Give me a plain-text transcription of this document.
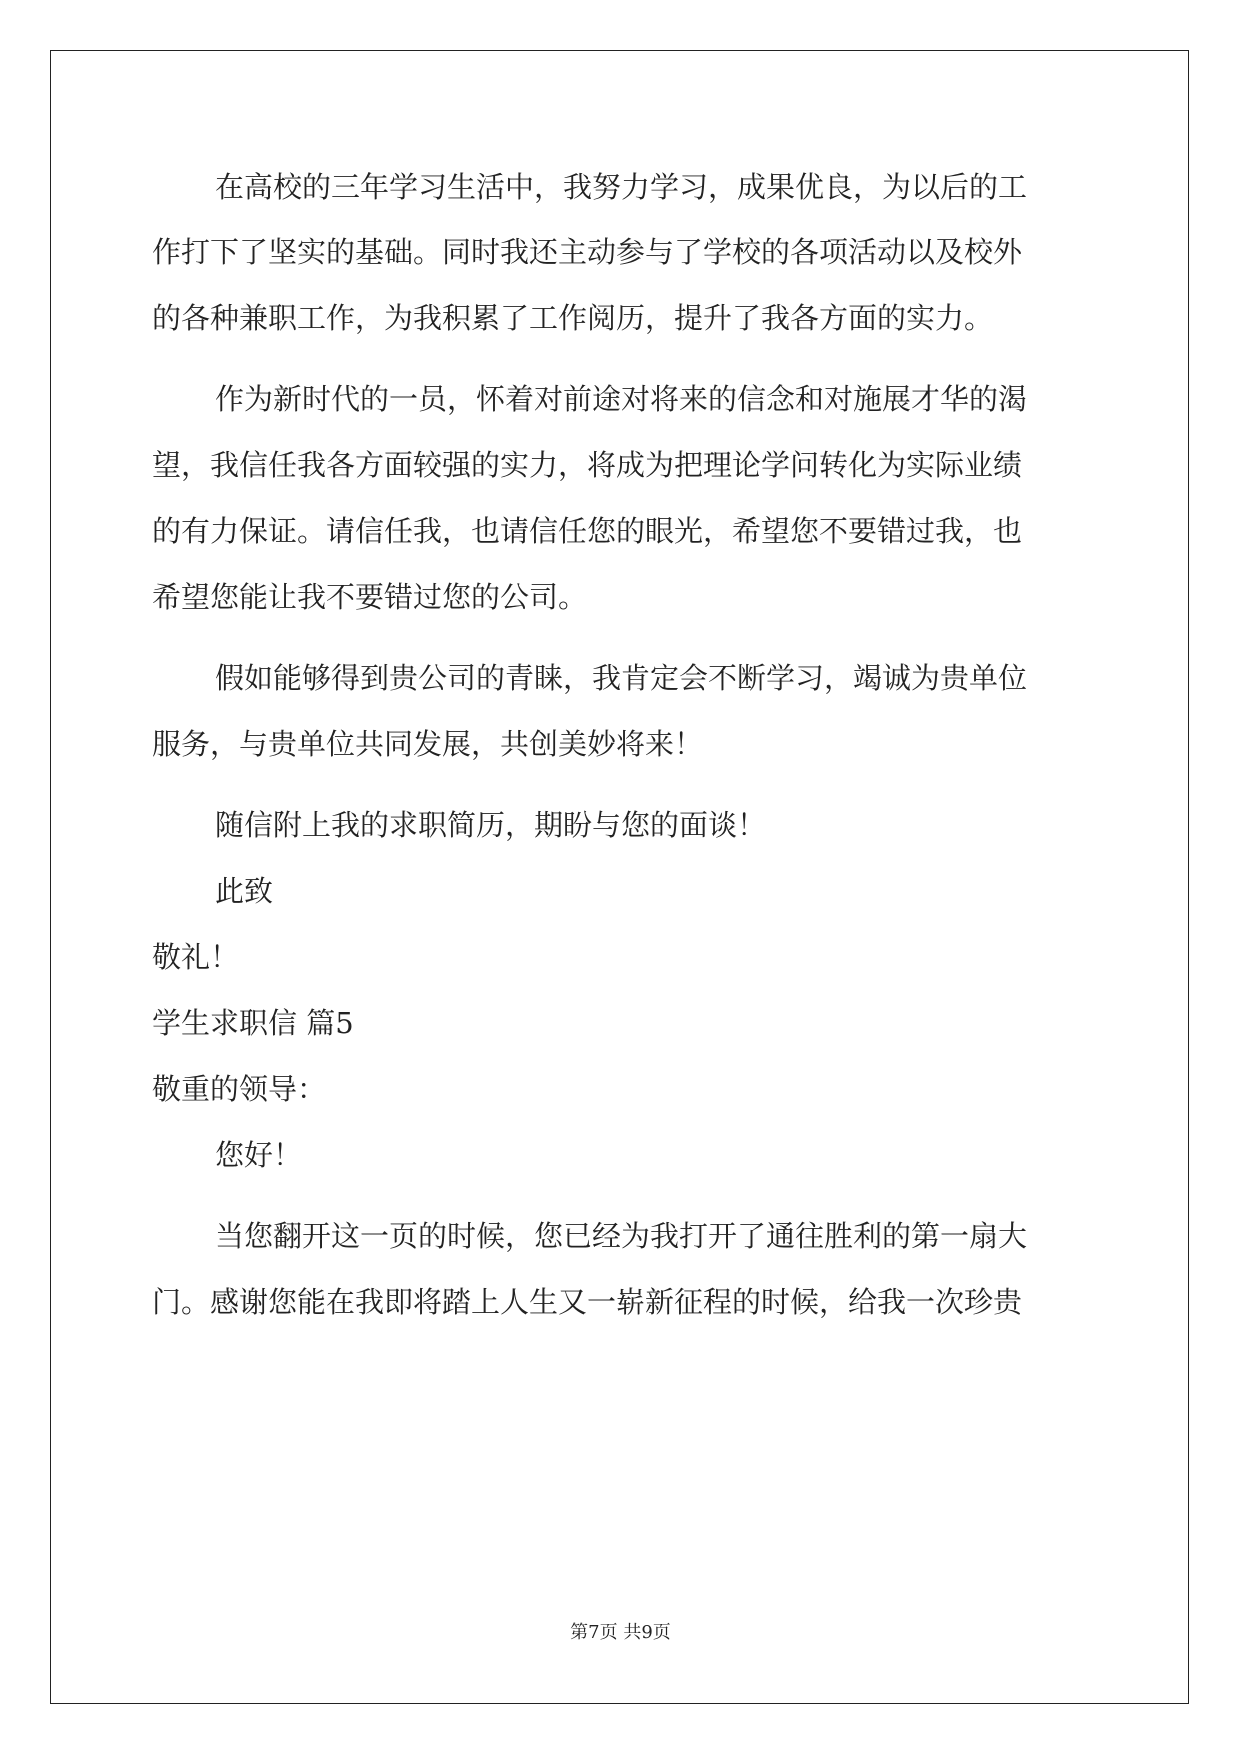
在高校的三年学习生活中，我努力学习，成果优良，为以后的工
作打下了坚实的基础。同时我还主动参与了学校的各项活动以及校外
的各种兼职工作，为我积累了工作阅历，提升了我各方面的实力。
作为新时代的一员，怀着对前途对将来的信念和对施展才华的渴
望，我信任我各方面较强的实力，将成为把理论学问转化为实际业绩
的有力保证。请信任我，也请信任您的眼光，希望您不要错过我，也
希望您能让我不要错过您的公司。
假如能够得到贵公司的青睐，我肯定会不断学习，竭诚为贵单位
服务，与贵单位共同发展，共创美妙将来！
随信附上我的求职简历，期盼与您的面谈！
此致
敬礼！
学生求职信 篇5
敬重的领导：
您好！
当您翻开这一页的时候，您已经为我打开了通往胜利的第一扇大
门。感谢您能在我即将踏上人生又一崭新征程的时候，给我一次珍贵
第7页 共9页
